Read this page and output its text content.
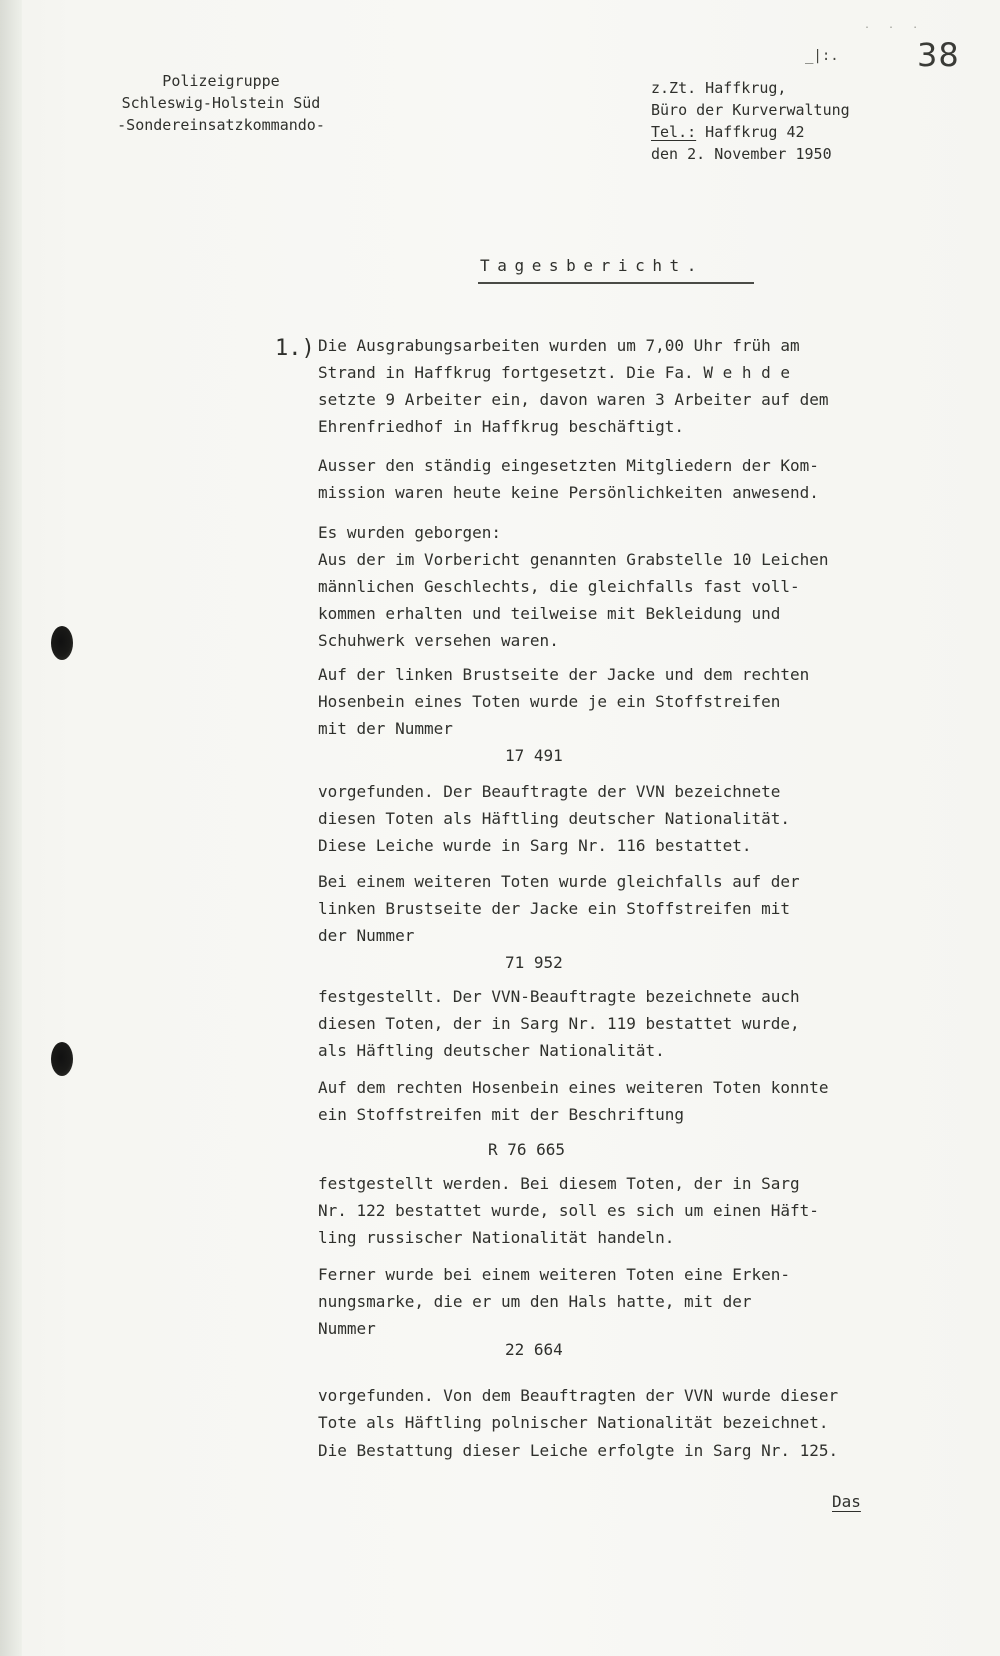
. . .
_|:. 38
Polizeigruppe
Schleswig-Holstein Süd
-Sondereinsatzkommando-
z.Zt. Haffkrug,
Büro der Kurverwaltung
Tel.: Haffkrug 42
den 2. November 1950
Tagesbericht.
1.) Die Ausgrabungsarbeiten wurden um 7,00 Uhr früh am
Strand in Haffkrug fortgesetzt. Die Fa. W e h d e
setzte 9 Arbeiter ein, davon waren 3 Arbeiter auf dem
Ehrenfriedhof in Haffkrug beschäftigt.
Ausser den ständig eingesetzten Mitgliedern der Kom-
mission waren heute keine Persönlichkeiten anwesend.
Es wurden geborgen:
Aus der im Vorbericht genannten Grabstelle 10 Leichen
männlichen Geschlechts, die gleichfalls fast voll-
kommen erhalten und teilweise mit Bekleidung und
Schuhwerk versehen waren.
Auf der linken Brustseite der Jacke und dem rechten
Hosenbein eines Toten wurde je ein Stoffstreifen
mit der Nummer
17 491
vorgefunden. Der Beauftragte der VVN bezeichnete
diesen Toten als Häftling deutscher Nationalität.
Diese Leiche wurde in Sarg Nr. 116 bestattet.
Bei einem weiteren Toten wurde gleichfalls auf der
linken Brustseite der Jacke ein Stoffstreifen mit
der Nummer
71 952
festgestellt. Der VVN-Beauftragte bezeichnete auch
diesen Toten, der in Sarg Nr. 119 bestattet wurde,
als Häftling deutscher Nationalität.
Auf dem rechten Hosenbein eines weiteren Toten konnte
ein Stoffstreifen mit der Beschriftung
R 76 665
festgestellt werden. Bei diesem Toten, der in Sarg
Nr. 122 bestattet wurde, soll es sich um einen Häft-
ling russischer Nationalität handeln.
Ferner wurde bei einem weiteren Toten eine Erken-
nungsmarke, die er um den Hals hatte, mit der
Nummer
22 664
vorgefunden. Von dem Beauftragten der VVN wurde dieser
Tote als Häftling polnischer Nationalität bezeichnet.
Die Bestattung dieser Leiche erfolgte in Sarg Nr. 125.
Das
